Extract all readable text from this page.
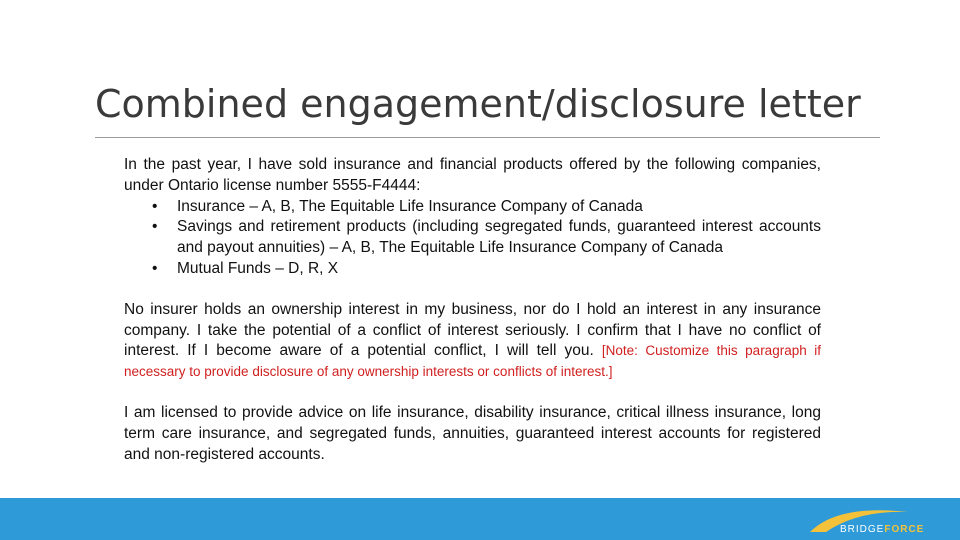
Combined engagement/disclosure letter

In the past year, I have sold insurance and financial products offered by the following companies, under Ontario license number 5555-F4444:

• Insurance – A, B, The Equitable Life Insurance Company of Canada
• Savings and retirement products (including segregated funds, guaranteed interest accounts and payout annuities) – A, B, The Equitable Life Insurance Company of Canada
• Mutual Funds – D, R, X

No insurer holds an ownership interest in my business, nor do I hold an interest in any insurance company. I take the potential of a conflict of interest seriously. I confirm that I have no conflict of interest. If I become aware of a potential conflict, I will tell you. [Note: Customize this paragraph if necessary to provide disclosure of any ownership interests or conflicts of interest.]

I am licensed to provide advice on life insurance, disability insurance, critical illness insurance, long term care insurance, and segregated funds, annuities, guaranteed interest accounts for registered and non-registered accounts.

BRIDGEFORCE
